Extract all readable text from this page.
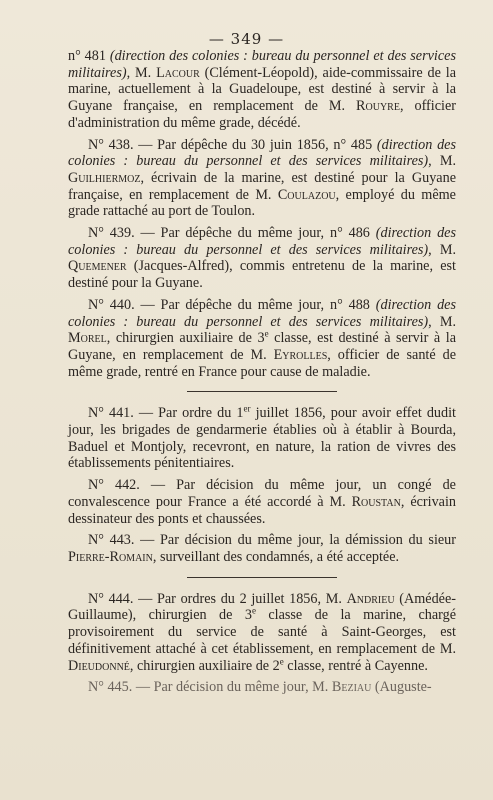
— 349 —

n° 481 (direction des colonies : bureau du personnel et des services militaires), M. Lacour (Clément-Léopold), aide-commissaire de la marine, actuellement à la Guadeloupe, est destiné à servir à la Guyane française, en remplacement de M. Rouyre, officier d'administration du même grade, décédé.

N° 438. — Par dépêche du 30 juin 1856, n° 485 (direction des colonies : bureau du personnel et des services militaires), M. Guilhiermoz, écrivain de la marine, est destiné pour la Guyane française, en remplacement de M. Coulazou, employé du même grade rattaché au port de Toulon.

N° 439. — Par dépêche du même jour, n° 486 (direction des colonies : bureau du personnel et des services militaires), M. Quemener (Jacques-Alfred), commis entretenu de la marine, est destiné pour la Guyane.

N° 440. — Par dépêche du même jour, n° 488 (direction des colonies : bureau du personnel et des services militaires), M. Morel, chirurgien auxiliaire de 3e classe, est destiné à servir à la Guyane, en remplacement de M. Eyrolles, officier de santé de même grade, rentré en France pour cause de maladie.

N° 441. — Par ordre du 1er juillet 1856, pour avoir effet dudit jour, les brigades de gendarmerie établies où à établir à Bourda, Baduel et Montjoly, recevront, en nature, la ration de vivres des établissements pénitentiaires.

N° 442. — Par décision du même jour, un congé de convalescence pour France a été accordé à M. Roustan, écrivain dessinateur des ponts et chaussées.

N° 443. — Par décision du même jour, la démission du sieur Pierre-Romain, surveillant des condamnés, a été acceptée.

N° 444. — Par ordres du 2 juillet 1856, M. Andrieu (Amédée-Guillaume), chirurgien de 3e classe de la marine, chargé provisoirement du service de santé à Saint-Georges, est définitivement attaché à cet établissement, en remplacement de M. Dieudonné, chirurgien auxiliaire de 2e classe, rentré à Cayenne.

N° 445. — Par décision du même jour, M. Beziau (Auguste-
